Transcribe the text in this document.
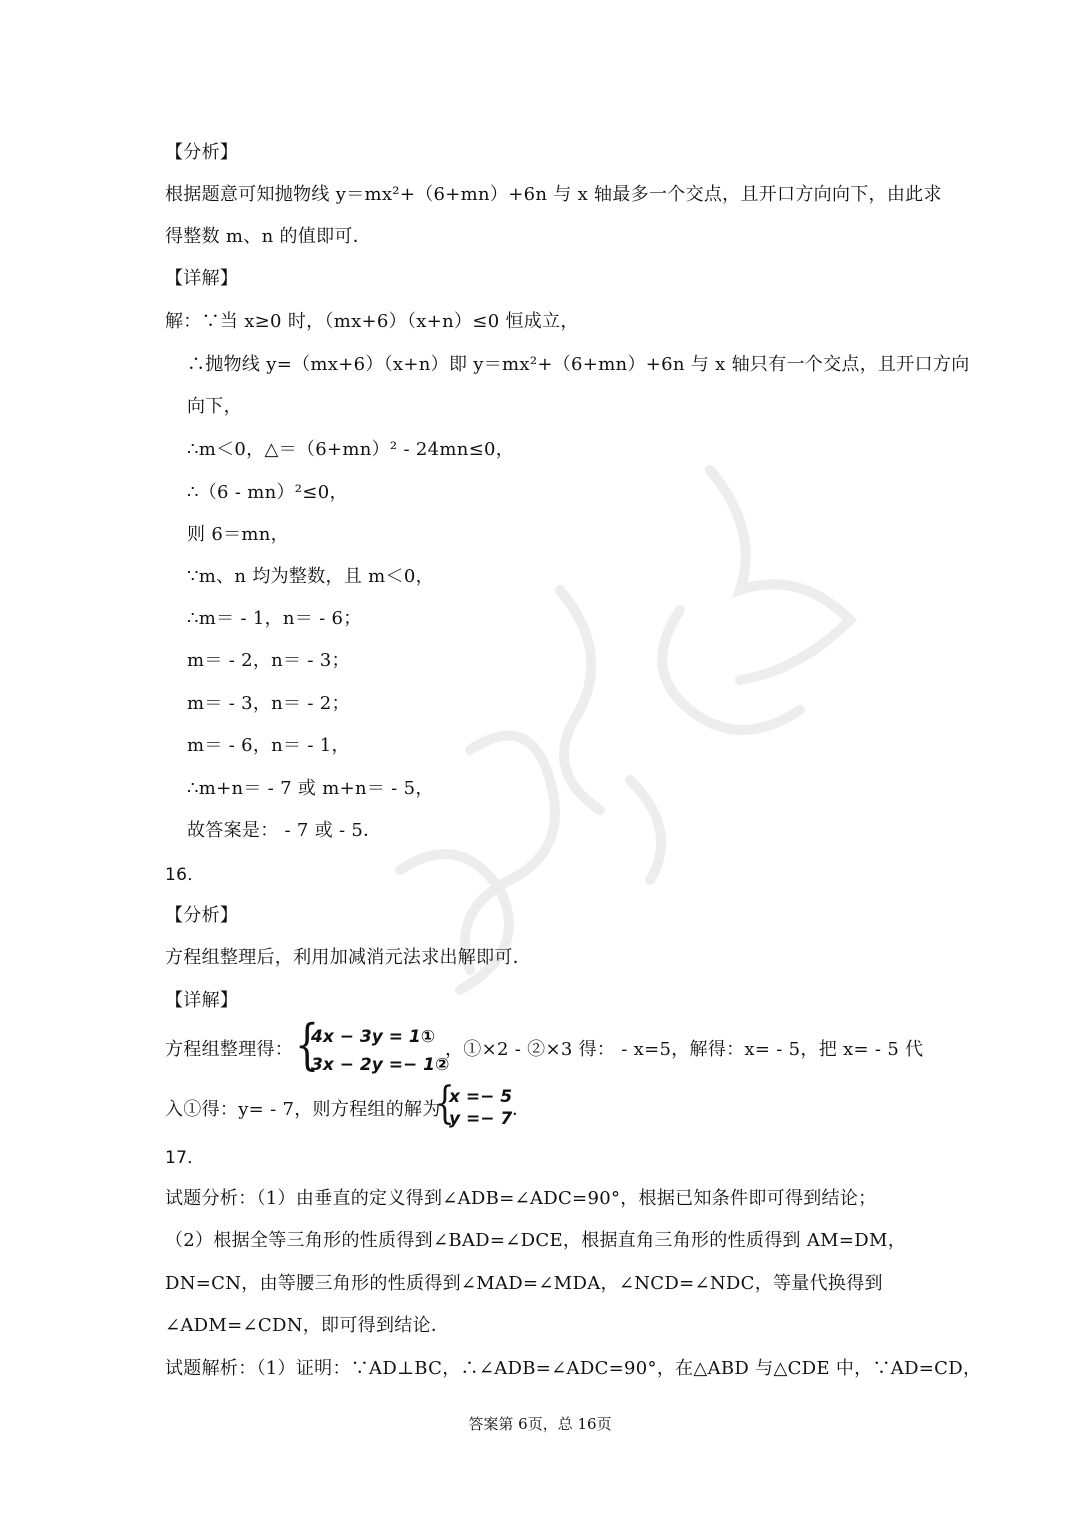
【分析】
根据题意可知抛物线 y＝mx²+（6+mn）+6n 与 x 轴最多一个交点，且开口方向向下，由此求
得整数 m、n 的值即可．
【详解】
解：∵当 x≥0 时，（mx+6）（x+n）≤0 恒成立，
∴抛物线 y=（mx+6）（x+n）即 y＝mx²+（6+mn）+6n 与 x 轴只有一个交点，且开口方向
向下，
∴m＜0，△＝（6+mn）² - 24mn≤0，
∴（6 - mn）²≤0，
则 6＝mn，
∵m、n 均为整数，且 m＜0，
∴m＝ - 1，n＝ - 6；
m＝ - 2，n＝ - 3；
m＝ - 3，n＝ - 2；
m＝ - 6，n＝ - 1，
∴m+n＝ - 7 或 m+n＝ - 5，
故答案是： - 7 或 - 5．
16．
【分析】
方程组整理后，利用加减消元法求出解即可．
【详解】
方程组整理得： {
4x − 3y = 1①
3x − 2y =− 1②
，①×2 - ②×3 得： - x=5，解得：x= - 5，把 x= - 5 代
入①得：y= - 7，则方程组的解为
{
x =− 5
y =− 7 ．
17．
试题分析：（1）由垂直的定义得到∠ADB=∠ADC=90°，根据已知条件即可得到结论；
（2）根据全等三角形的性质得到∠BAD=∠DCE，根据直角三角形的性质得到 AM=DM，
DN=CN，由等腰三角形的性质得到∠MAD=∠MDA，∠NCD=∠NDC，等量代换得到
∠ADM=∠CDN，即可得到结论．
试题解析：（1）证明：∵AD⊥BC，∴∠ADB=∠ADC=90°，在△ABD 与△CDE 中，∵AD=CD，
答案第 6页，总 16页
